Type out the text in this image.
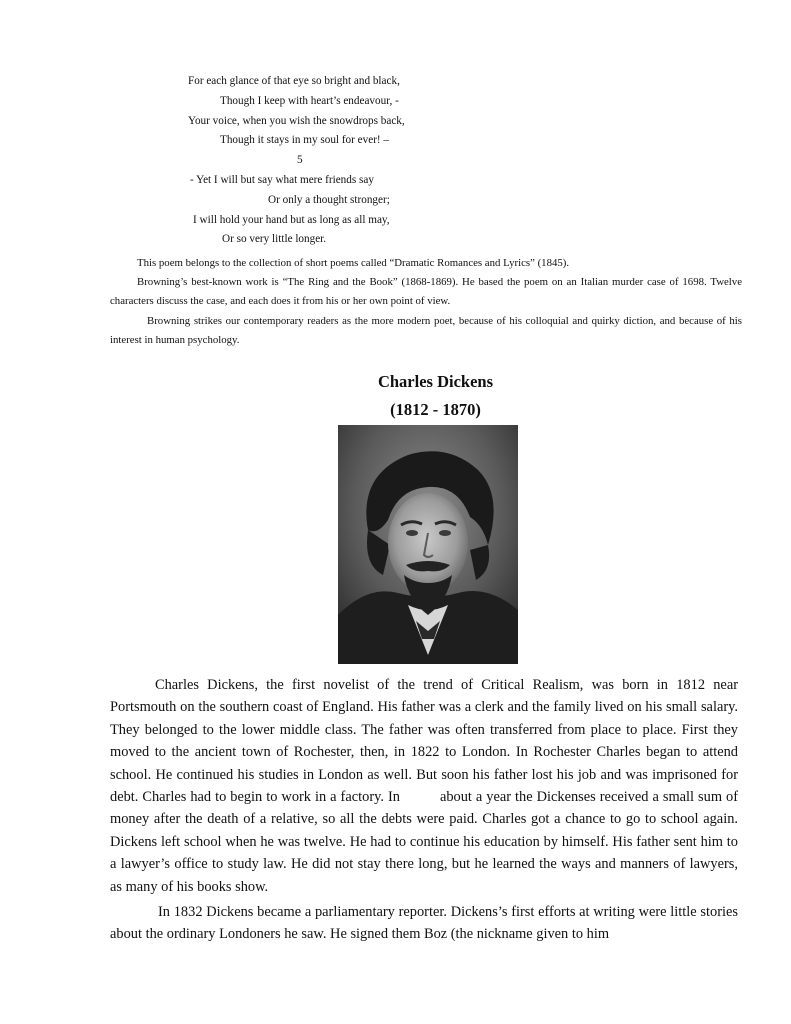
For each glance of that eye so bright and black,
Though I keep with heart’s endeavour, -
Your voice, when you wish the snowdrops back,
Though it stays in my soul for ever! –
5
- Yet I will but say what mere friends say
Or only a thought stronger;
I will hold your hand but as long as all may,
Or so very little longer.

This poem belongs to the collection of short poems called “Dramatic Romances and Lyrics” (1845).

Browning’s best-known work is “The Ring and the Book” (1868-1869). He based the poem on an Italian murder case of 1698. Twelve characters discuss the case, and each does it from his or her own point of view.

Browning strikes our contemporary readers as the more modern poet, because of his colloquial and quirky diction, and because of his interest in human psychology.

Charles Dickens
(1812 - 1870)

Charles Dickens, the first novelist of the trend of Critical Realism, was born in 1812 near Portsmouth on the southern coast of England. His father was a clerk and the family lived on his small salary. They belonged to the lower middle class. The father was often transferred from place to place. First they moved to the ancient town of Rochester, then, in 1822 to London. In Rochester Charles began to attend school. He continued his studies in London as well. But soon his father lost his job and was imprisoned for debt. Charles had to begin to work in a factory. In	about a year the Dickenses received a small sum of money after the death of a relative, so all the debts were paid. Charles got a chance to go to school again. Dickens left school when he was twelve. He had to continue his education by himself. His father sent him to a lawyer’s office to study law. He did not stay there long, but he learned the ways and manners of lawyers, as many of his books show.

In 1832 Dickens became a parliamentary reporter. Dickens’s first efforts at writing were little stories about the ordinary Londoners he saw. He signed them Boz (the nickname given to him
